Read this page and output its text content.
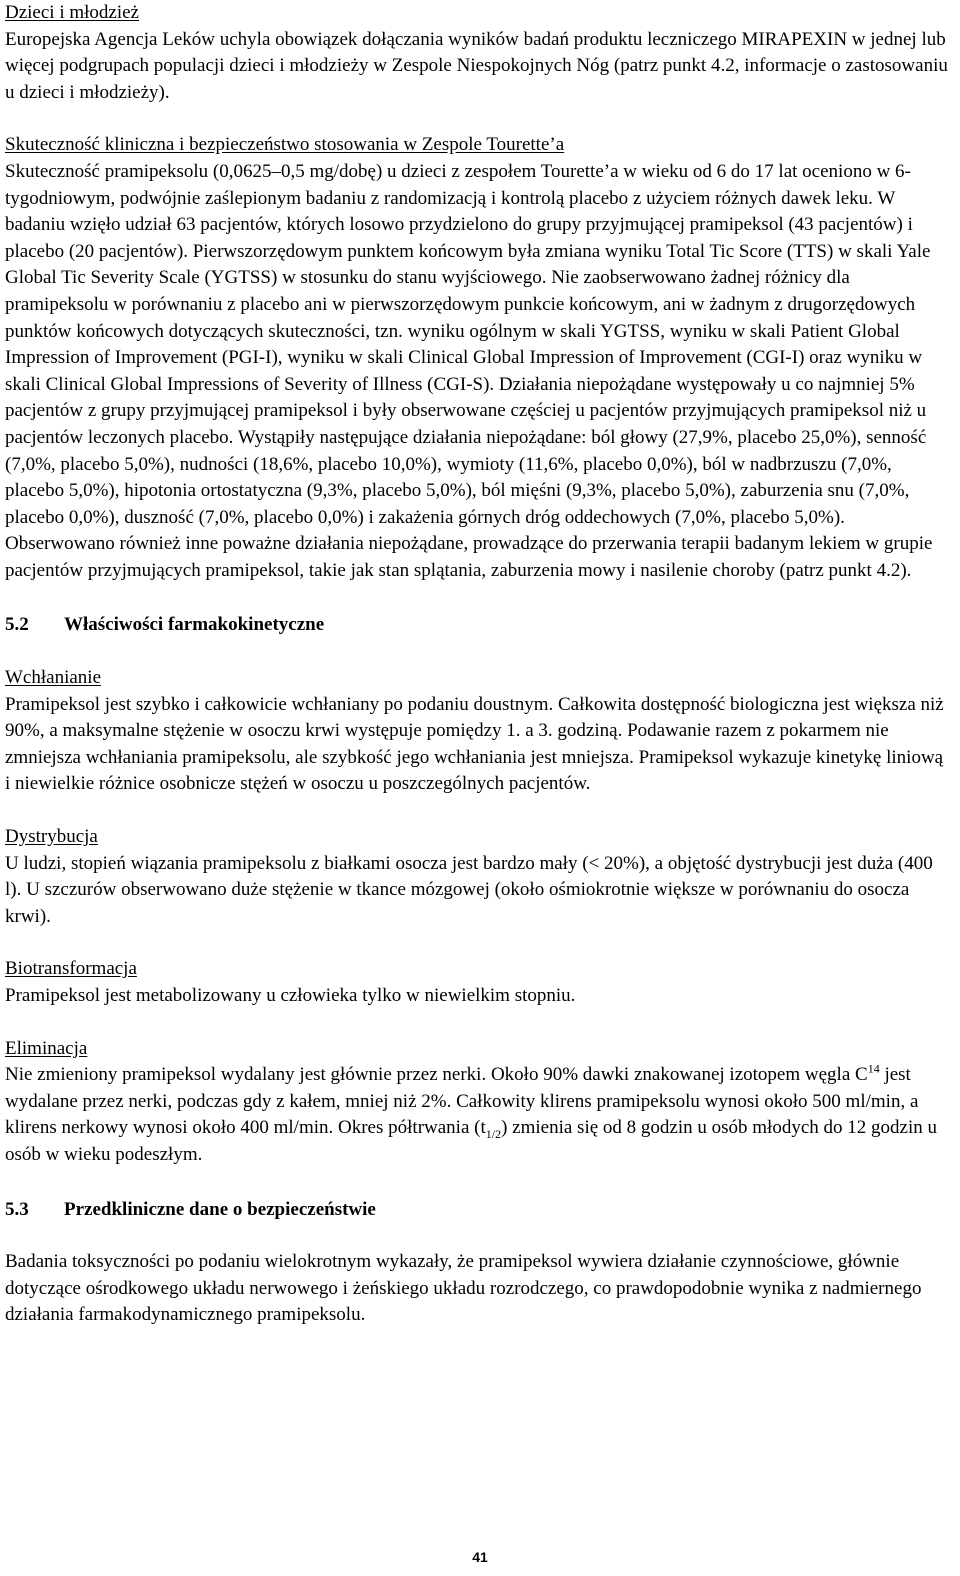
Dzieci i młodzież

Europejska Agencja Leków uchyla obowiązek dołączania wyników badań produktu leczniczego MIRAPEXIN w jednej lub więcej podgrupach populacji dzieci i młodzieży w Zespole Niespokojnych Nóg (patrz punkt 4.2, informacje o zastosowaniu u dzieci i młodzieży).

Skuteczność kliniczna i bezpieczeństwo stosowania w Zespole Tourette’a

Skuteczność pramipeksolu (0,0625–0,5 mg/dobę) u dzieci z zespołem Tourette’a w wieku od 6 do 17 lat oceniono w 6-tygodniowym, podwójnie zaślepionym badaniu z randomizacją i kontrolą placebo z użyciem różnych dawek leku. W badaniu wzięło udział 63 pacjentów, których losowo przydzielono do grupy przyjmującej pramipeksol (43 pacjentów) i placebo (20 pacjentów). Pierwszorzędowym punktem końcowym była zmiana wyniku Total Tic Score (TTS) w skali Yale Global Tic Severity Scale (YGTSS) w stosunku do stanu wyjściowego. Nie zaobserwowano żadnej różnicy dla pramipeksolu w porównaniu z placebo ani w pierwszorzędowym punkcie końcowym, ani w żadnym z drugorzędowych punktów końcowych dotyczących skuteczności, tzn. wyniku ogólnym w skali YGTSS, wyniku w skali Patient Global Impression of Improvement (PGI-I), wyniku w skali Clinical Global Impression of Improvement (CGI-I) oraz wyniku w skali Clinical Global Impressions of Severity of Illness (CGI-S). Działania niepożądane występowały u co najmniej 5% pacjentów z grupy przyjmującej pramipeksol i były obserwowane częściej u pacjentów przyjmujących pramipeksol niż u pacjentów leczonych placebo. Wystąpiły następujące działania niepożądane: ból głowy (27,9%, placebo 25,0%), senność (7,0%, placebo 5,0%), nudności (18,6%, placebo 10,0%), wymioty (11,6%, placebo 0,0%), ból w nadbrzuszu (7,0%, placebo 5,0%), hipotonia ortostatyczna (9,3%, placebo 5,0%), ból mięśni (9,3%, placebo 5,0%), zaburzenia snu (7,0%, placebo 0,0%), duszność (7,0%, placebo 0,0%) i zakażenia górnych dróg oddechowych (7,0%, placebo 5,0%). Obserwowano również inne poważne działania niepożądane, prowadzące do przerwania terapii badanym lekiem w grupie pacjentów przyjmujących pramipeksol, takie jak stan splątania, zaburzenia mowy i nasilenie choroby (patrz punkt 4.2).

5.2	Właściwości farmakokinetyczne

Wchłanianie

Pramipeksol jest szybko i całkowicie wchłaniany po podaniu doustnym. Całkowita dostępność biologiczna jest większa niż 90%, a maksymalne stężenie w osoczu krwi występuje pomiędzy 1. a 3. godziną. Podawanie razem z pokarmem nie zmniejsza wchłaniania pramipeksolu, ale szybkość jego wchłaniania jest mniejsza. Pramipeksol wykazuje kinetykę liniową i niewielkie różnice osobnicze stężeń w osoczu u poszczególnych pacjentów.

Dystrybucja

U ludzi, stopień wiązania pramipeksolu z białkami osocza jest bardzo mały (< 20%), a objętość dystrybucji jest duża (400 l). U szczurów obserwowano duże stężenie w tkance mózgowej (około ośmiokrotnie większe w porównaniu do osocza krwi).

Biotransformacja

Pramipeksol jest metabolizowany u człowieka tylko w niewielkim stopniu.

Eliminacja

Nie zmieniony pramipeksol wydalany jest głównie przez nerki. Około 90% dawki znakowanej izotopem węgla $C^{14}$ jest wydalane przez nerki, podczas gdy z kałem, mniej niż 2%. Całkowity klirens pramipeksolu wynosi około 500 ml/min, a klirens nerkowy wynosi około 400 ml/min. Okres półtrwania $(t_{1/2})$ zmienia się od 8 godzin u osób młodych do 12 godzin u osób w wieku podeszłym.

5.3	Przedkliniczne dane o bezpieczeństwie

Badania toksyczności po podaniu wielokrotnym wykazały, że pramipeksol wywiera działanie czynnościowe, głównie dotyczące ośrodkowego układu nerwowego i żeńskiego układu rozrodczego, co prawdopodobnie wynika z nadmiernego działania farmakodynamicznego pramipeksolu.

41
